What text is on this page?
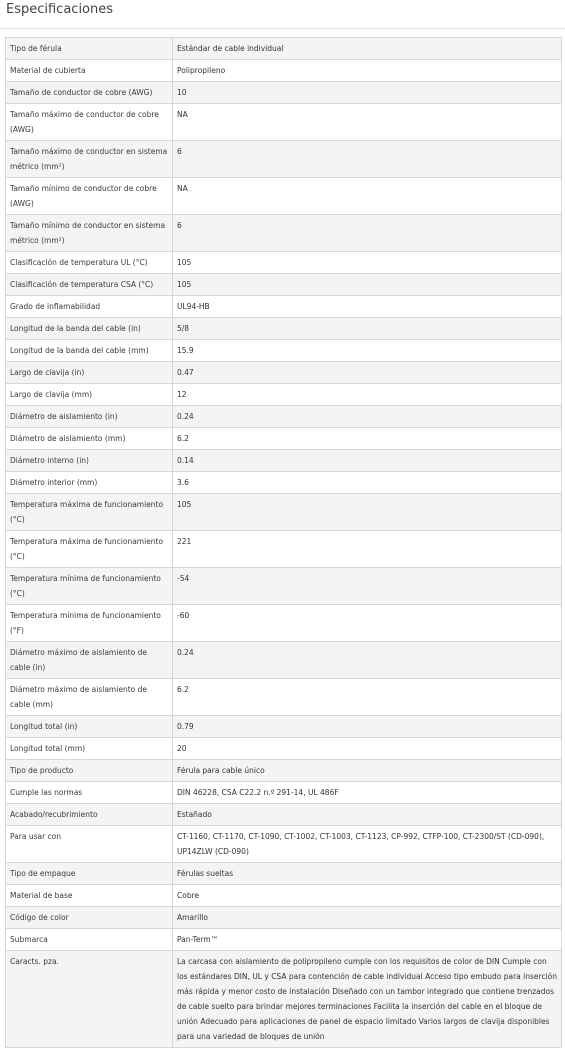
Especificaciones
Tipo de férula	Estándar de cable individual
Material de cubierta	Polipropileno
Tamaño de conductor de cobre (AWG)	10
Tamaño máximo de conductor de cobre (AWG)	NA
Tamaño máximo de conductor en sistema métrico (mm²)	6
Tamaño mínimo de conductor de cobre (AWG)	NA
Tamaño mínimo de conductor en sistema métrico (mm²)	6
Clasificación de temperatura UL (°C)	105
Clasificación de temperatura CSA (°C)	105
Grado de inflamabilidad	UL94-HB
Longitud de la banda del cable (in)	5/8
Longitud de la banda del cable (mm)	15.9
Largo de clavija (in)	0.47
Largo de clavija (mm)	12
Diámetro de aislamiento (in)	0.24
Diámetro de aislamiento (mm)	6.2
Diámetro interno (in)	0.14
Diámetro interior (mm)	3.6
Temperatura máxima de funcionamiento (°C)	105
Temperatura máxima de funcionamiento (°C)	221
Temperatura mínima de funcionamiento (°C)	-54
Temperatura mínima de funcionamiento (°F)	-60
Diámetro máximo de aislamiento de cable (in)	0.24
Diámetro máximo de aislamiento de cable (mm)	6.2
Longitud total (in)	0.79
Longitud total (mm)	20
Tipo de producto	Férula para cable único
Cumple las normas	DIN 46228, CSA C22.2 n.º 291-14, UL 486F
Acabado/recubrimiento	Estañado
Para usar con	CT-1160, CT-1170, CT-1090, CT-1002, CT-1003, CT-1123, CP-992, CTFP-100, CT-2300/ST (CD-090), UP14ZLW (CD-090)
Tipo de empaque	Férulas sueltas
Material de base	Cobre
Código de color	Amarillo
Submarca	Pan-Term™
Caracts. pza.	La carcasa con aislamiento de polipropileno cumple con los requisitos de color de DIN Cumple con los estándares DIN, UL y CSA para contención de cable individual Acceso tipo embudo para inserción más rápida y menor costo de instalación Diseñado con un tambor integrado que contiene trenzados de cable suelto para brindar mejores terminaciones Facilita la inserción del cable en el bloque de unión Adecuado para aplicaciones de panel de espacio limitado Varios largos de clavija disponibles para una variedad de bloques de unión
